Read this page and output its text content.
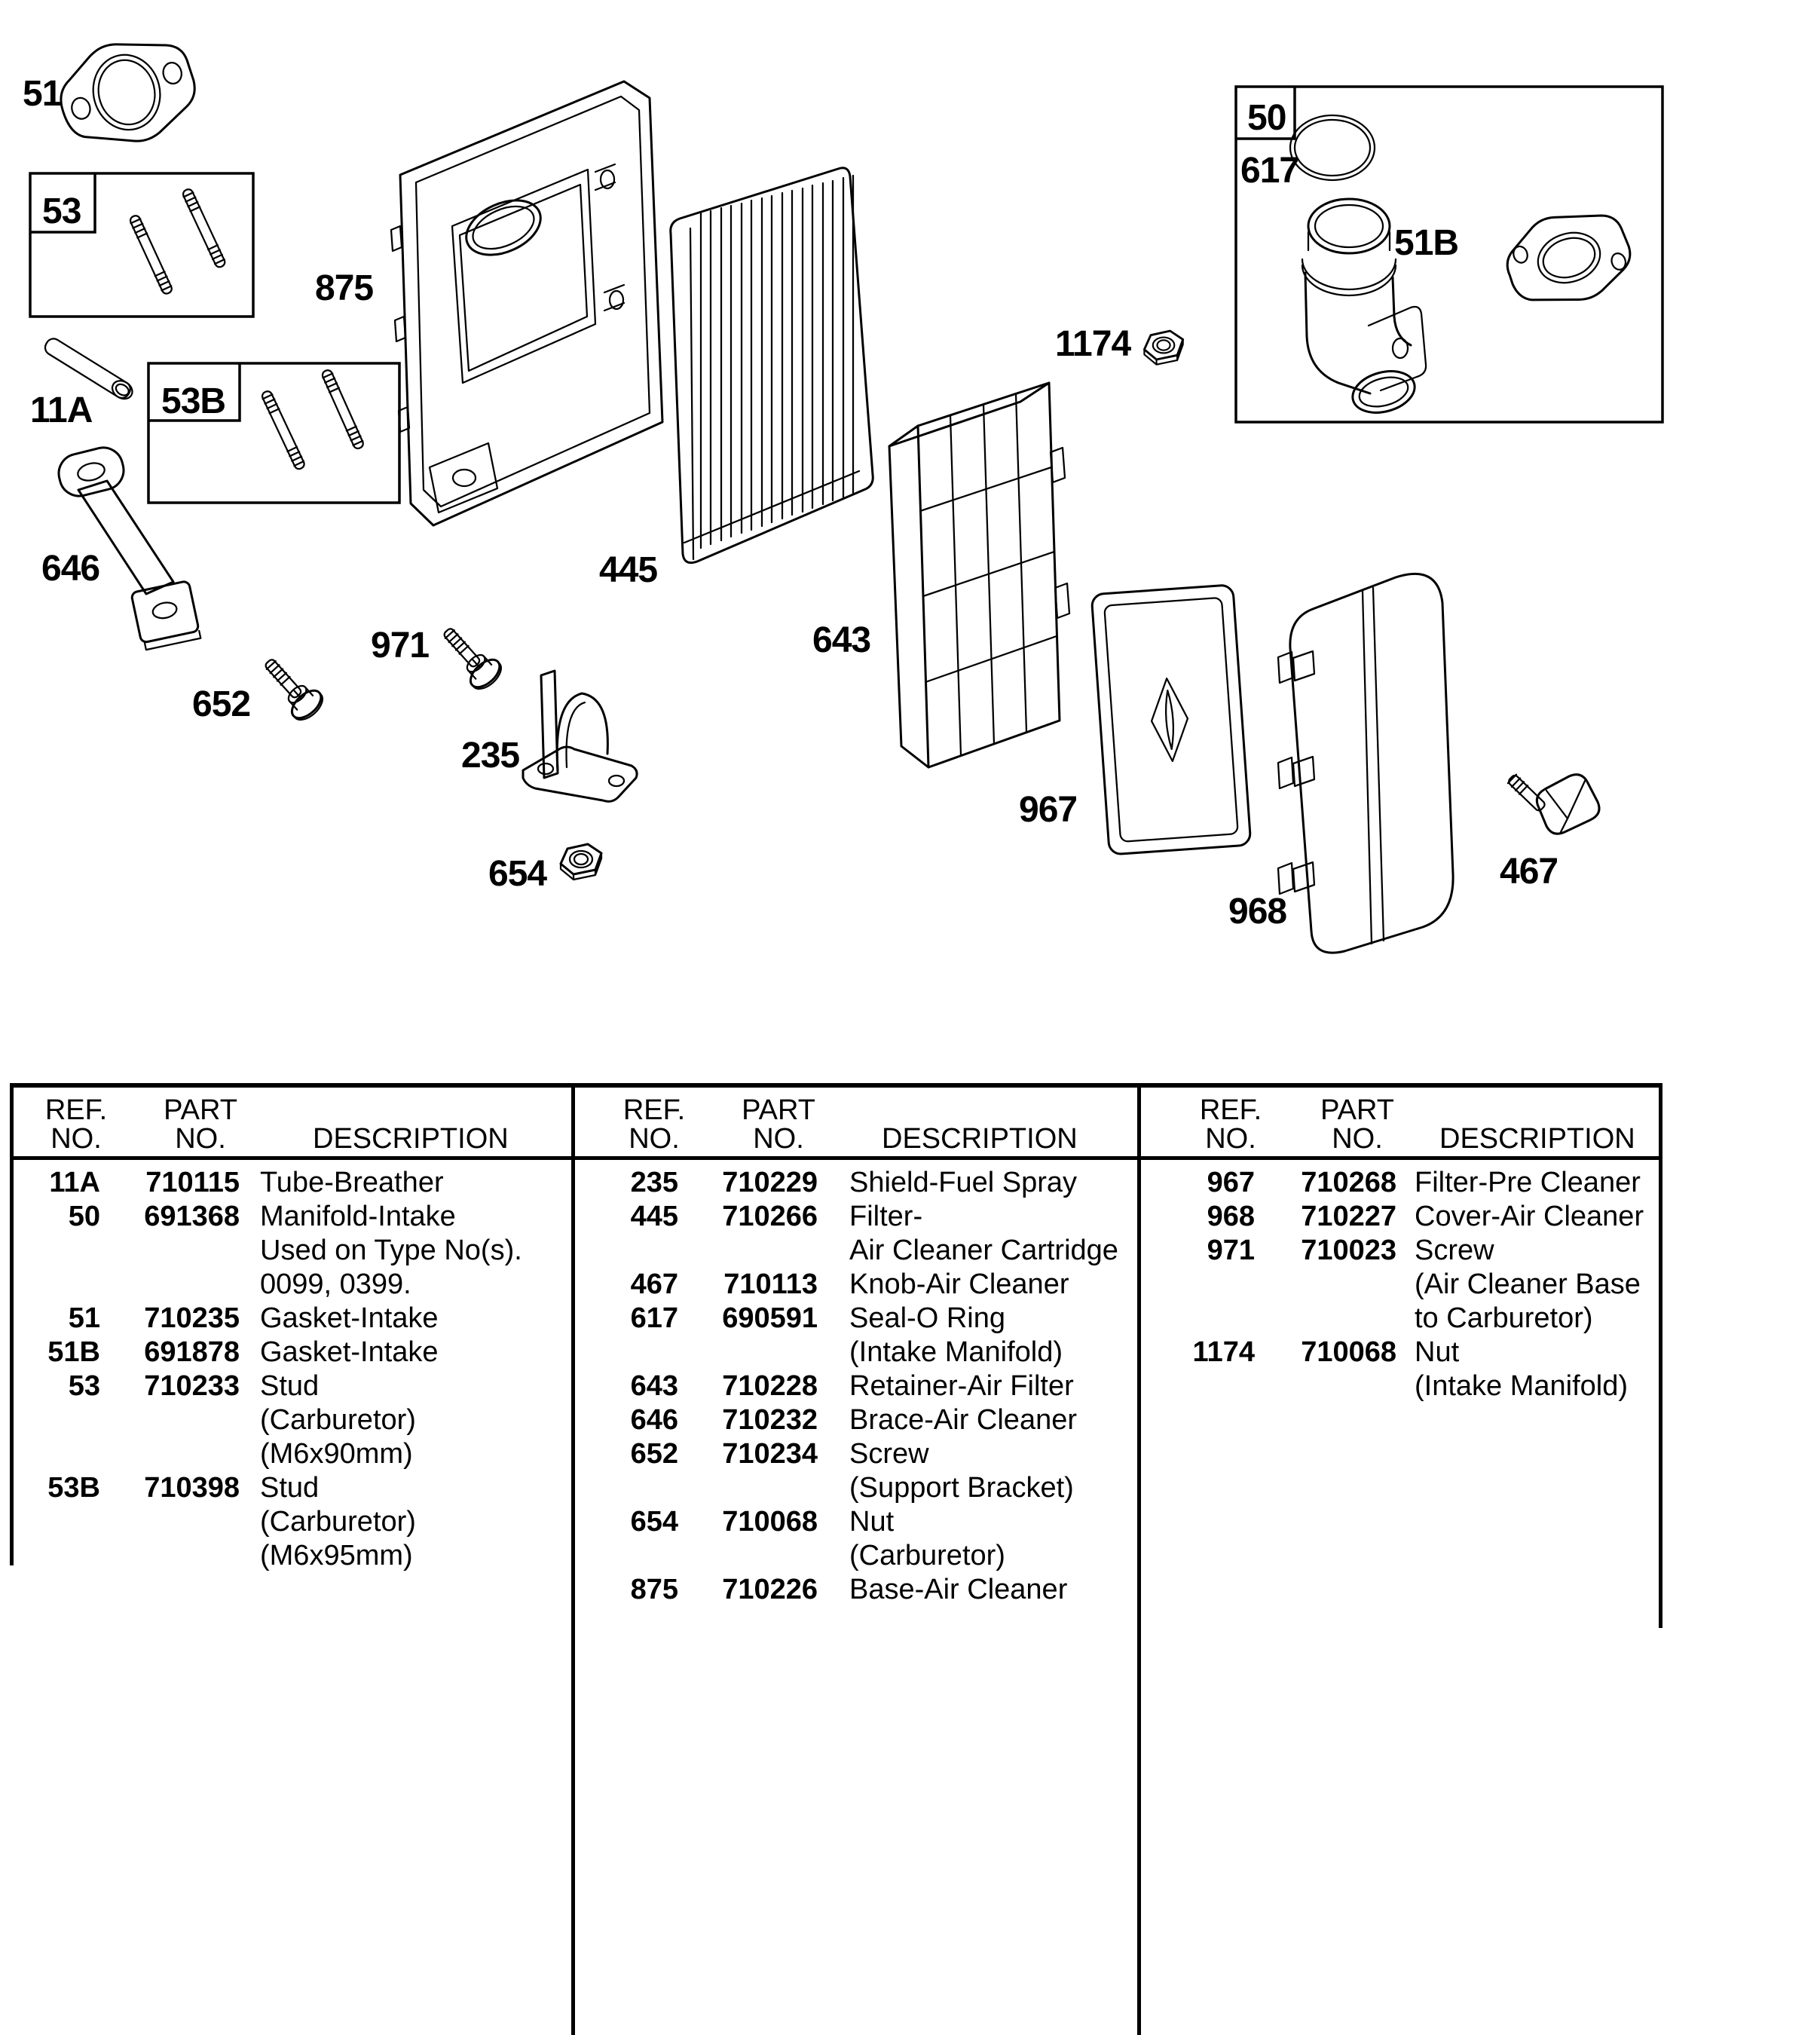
51
53
11A 53B
646
652
875
971
235
654
445
643
967
968
467
1174
50
617
51B
REF.
NO.
PART
NO.	DESCRIPTION
REF.
NO.
PART
NO.	DESCRIPTION
REF.
NO.
PART
NO. DESCRIPTION
11A	710115 Tube-Breather
50	691368 Manifold-Intake
Used on Type No(s).
0099, 0399.
51	710235 Gasket-Intake
51B	691878 Gasket-Intake
53	710233 Stud
(Carburetor)
(M6x90mm)
53B	710398 Stud
(Carburetor)
(M6x95mm)
235	710229 Shield-Fuel Spray
445	710266 Filter-
Air Cleaner Cartridge
467	710113 Knob-Air Cleaner
617	690591 Seal-O Ring
(Intake Manifold)
643	710228 Retainer-Air Filter
646	710232 Brace-Air Cleaner
652	710234 Screw
(Support Bracket)
654	710068 Nut
(Carburetor)
875	710226 Base-Air Cleaner
967	710268 Filter-Pre Cleaner
968	710227 Cover-Air Cleaner
971	710023 Screw
(Air Cleaner Base
to Carburetor)
1174	710068 Nut
(Intake Manifold)
